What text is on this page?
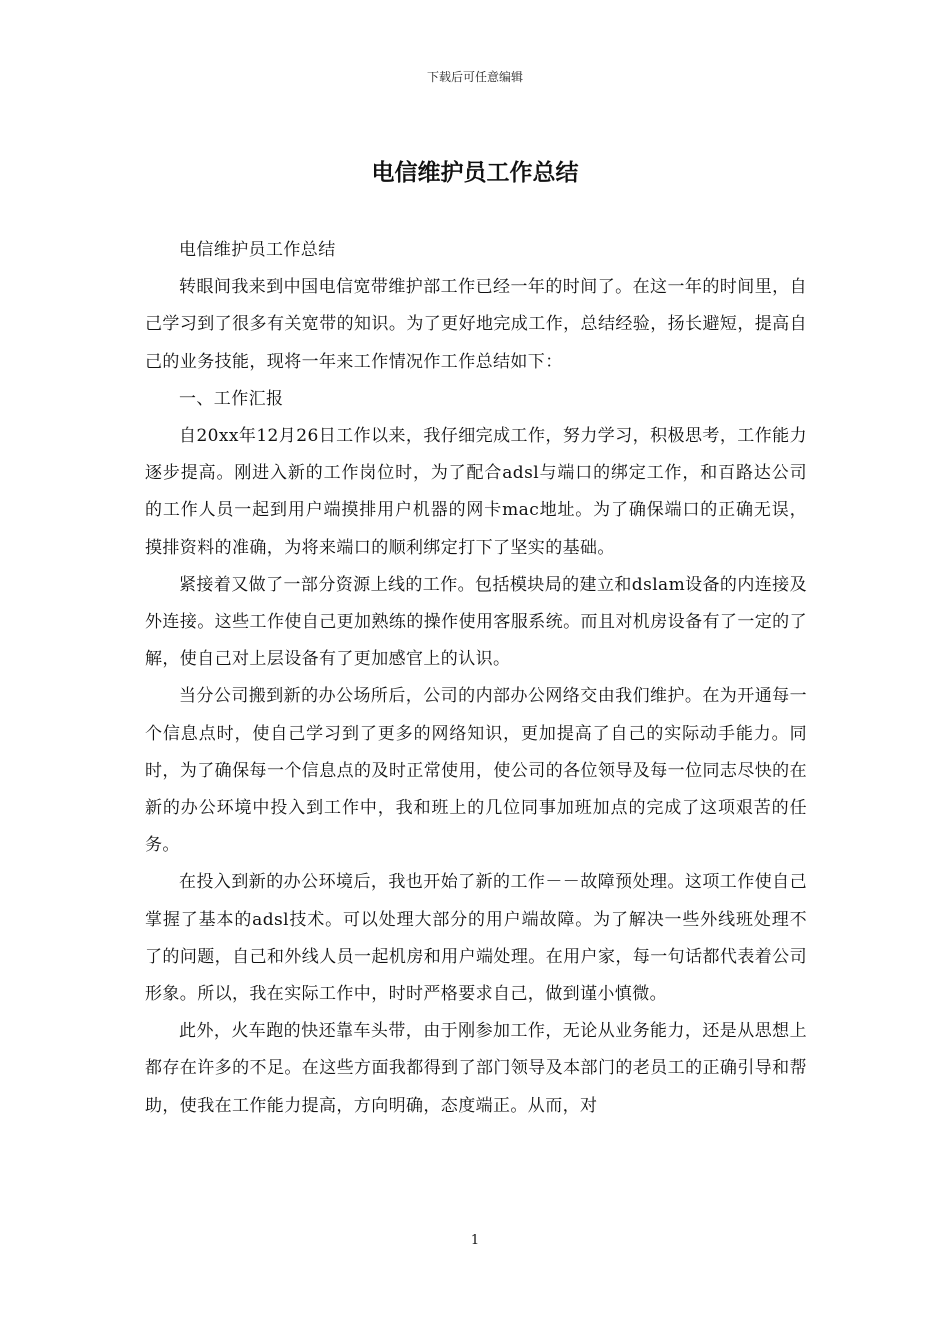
下载后可任意编辑
电信维护员工作总结

电信维护员工作总结

转眼间我来到中国电信宽带维护部工作已经一年的时间了。在这一年的时间里，自己学习到了很多有关宽带的知识。为了更好地完成工作，总结经验，扬长避短，提高自己的业务技能，现将一年来工作情况作工作总结如下：

一、工作汇报

自20xx年12月26日工作以来，我仔细完成工作，努力学习，积极思考，工作能力逐步提高。刚进入新的工作岗位时，为了配合adsl与端口的绑定工作，和百路达公司的工作人员一起到用户端摸排用户机器的网卡mac地址。为了确保端口的正确无误，摸排资料的准确，为将来端口的顺利绑定打下了坚实的基础。

紧接着又做了一部分资源上线的工作。包括模块局的建立和dslam设备的内连接及外连接。这些工作使自己更加熟练的操作使用客服系统。而且对机房设备有了一定的了解，使自己对上层设备有了更加感官上的认识。

当分公司搬到新的办公场所后，公司的内部办公网络交由我们维护。在为开通每一个信息点时，使自己学习到了更多的网络知识，更加提高了自己的实际动手能力。同时，为了确保每一个信息点的及时正常使用，使公司的各位领导及每一位同志尽快的在新的办公环境中投入到工作中，我和班上的几位同事加班加点的完成了这项艰苦的任务。

在投入到新的办公环境后，我也开始了新的工作－－故障预处理。这项工作使自己掌握了基本的adsl技术。可以处理大部分的用户端故障。为了解决一些外线班处理不了的问题，自己和外线人员一起机房和用户端处理。在用户家，每一句话都代表着公司形象。所以，我在实际工作中，时时严格要求自己，做到谨小慎微。

此外，火车跑的快还靠车头带，由于刚参加工作，无论从业务能力，还是从思想上都存在许多的不足。在这些方面我都得到了部门领导及本部门的老员工的正确引导和帮助，使我在工作能力提高，方向明确，态度端正。从而，对

1
